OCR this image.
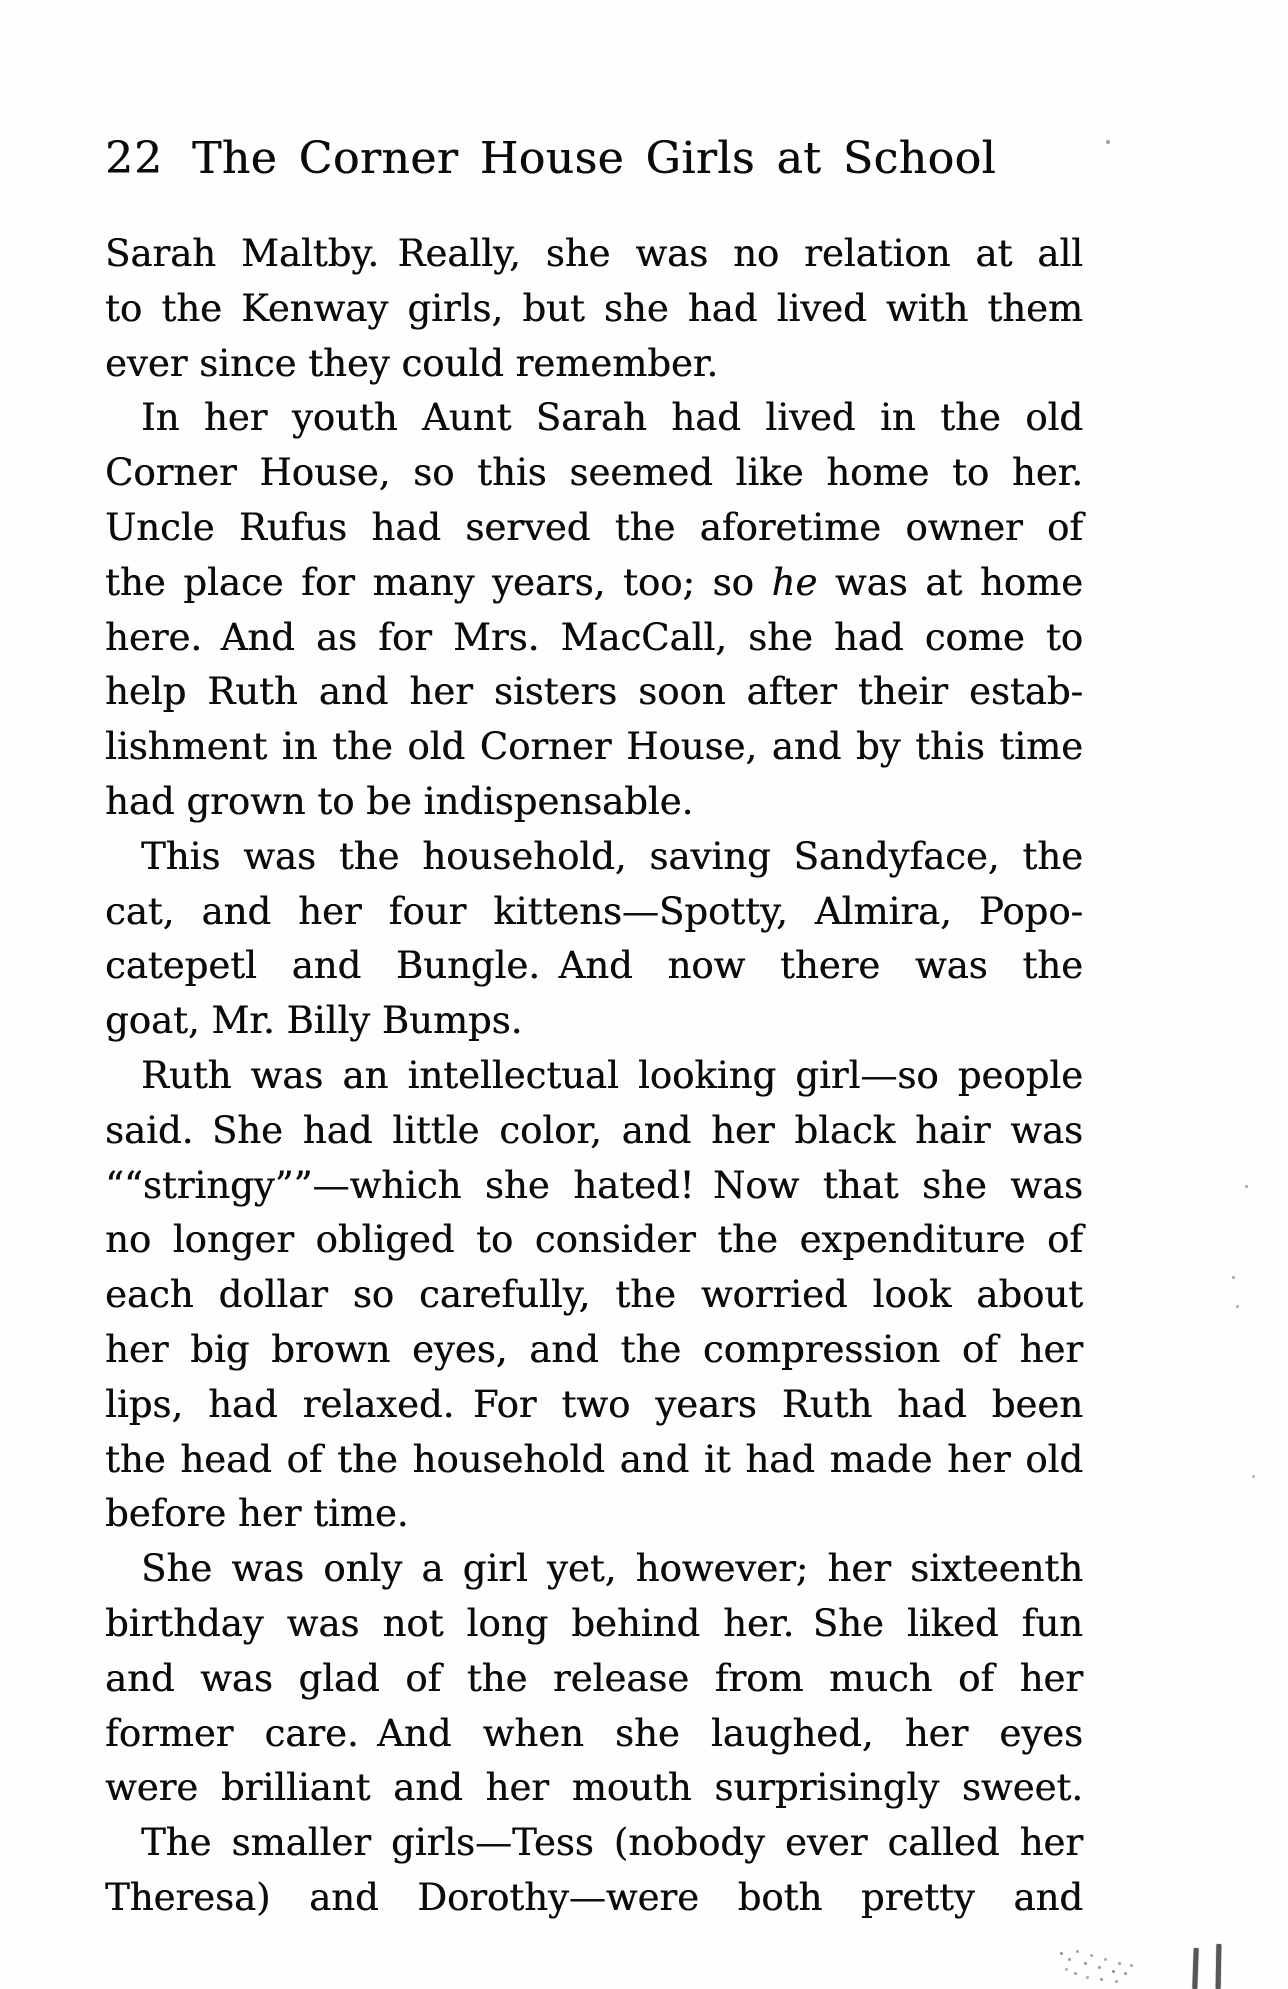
22 The Corner House Girls at School
Sarah Maltby. Really, she was no relation at all
to the Kenway girls, but she had lived with them
ever since they could remember.
In her youth Aunt Sarah had lived in the old
Corner House, so this seemed like home to her.
Uncle Rufus had served the aforetime owner of
the place for many years, too; so he was at home
here. And as for Mrs. MacCall, she had come to
help Ruth and her sisters soon after their estab-
lishment in the old Corner House, and by this time
had grown to be indispensable.
This was the household, saving Sandyface, the
cat, and her four kittens—Spotty, Almira, Popo-
catepetl and Bungle. And now there was the
goat, Mr. Billy Bumps.
Ruth was an intellectual looking girl—so people
said. She had little color, and her black hair was
““stringy””—which she hated! Now that she was
no longer obliged to consider the expenditure of
each dollar so carefully, the worried look about
her big brown eyes, and the compression of her
lips, had relaxed. For two years Ruth had been
the head of the household and it had made her old
before her time.
She was only a girl yet, however; her sixteenth
birthday was not long behind her. She liked fun
and was glad of the release from much of her
former care. And when she laughed, her eyes
were brilliant and her mouth surprisingly sweet.
The smaller girls—Tess (nobody ever called her
Theresa) and Dorothy—were both pretty and
